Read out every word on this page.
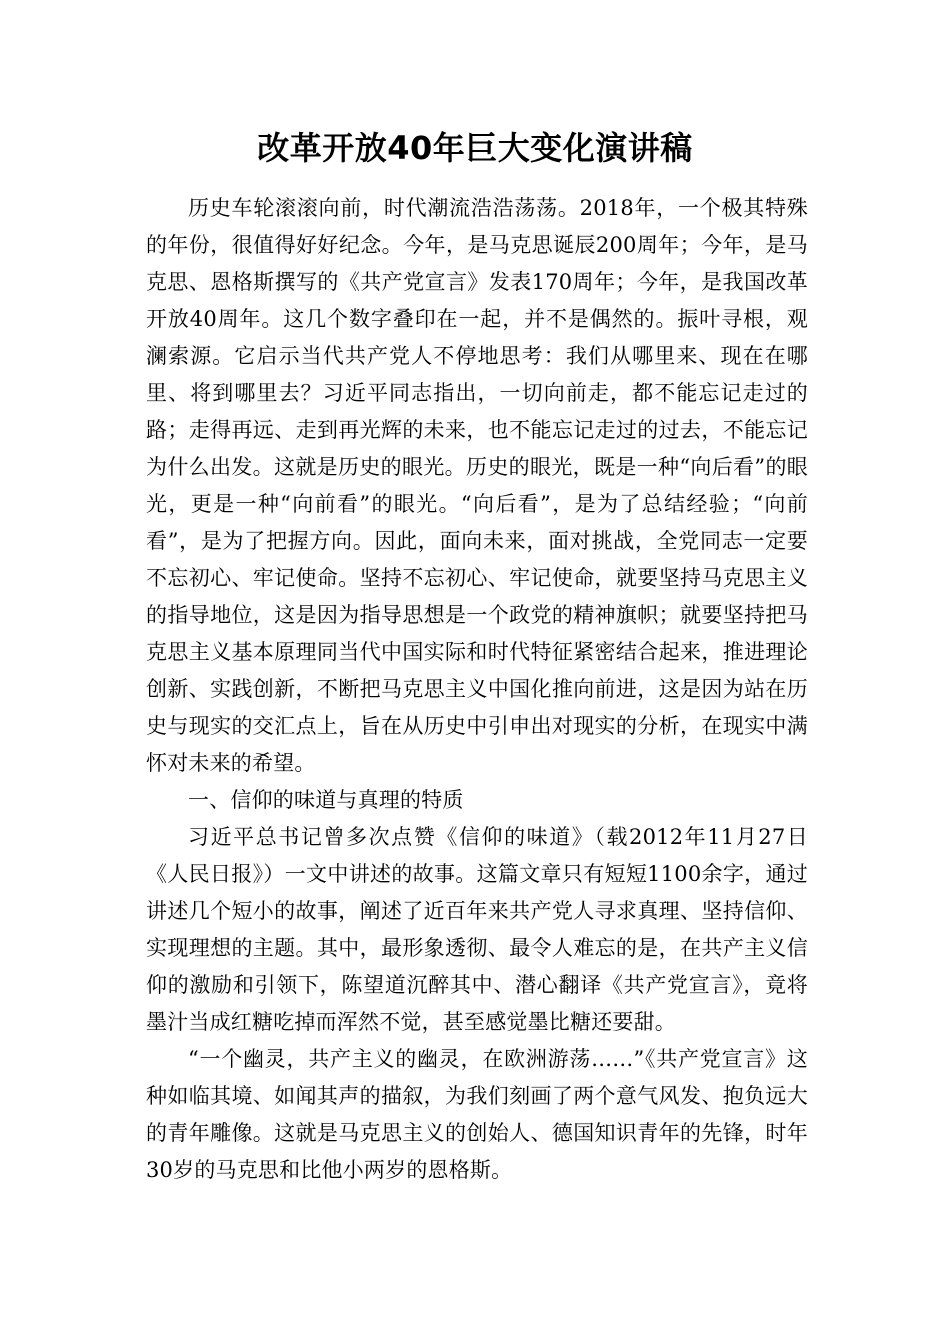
改革开放40年巨大变化演讲稿

历史车轮滚滚向前，时代潮流浩浩荡荡。2018年，一个极其特殊的年份，很值得好好纪念。今年，是马克思诞辰200周年；今年，是马克思、恩格斯撰写的《共产党宣言》发表170周年；今年，是我国改革开放40周年。这几个数字叠印在一起，并不是偶然的。振叶寻根，观澜索源。它启示当代共产党人不停地思考：我们从哪里来、现在在哪里、将到哪里去？习近平同志指出，一切向前走，都不能忘记走过的路；走得再远、走到再光辉的未来，也不能忘记走过的过去，不能忘记为什么出发。这就是历史的眼光。历史的眼光，既是一种“向后看”的眼光，更是一种“向前看”的眼光。“向后看”，是为了总结经验；“向前看”，是为了把握方向。因此，面向未来，面对挑战，全党同志一定要不忘初心、牢记使命。坚持不忘初心、牢记使命，就要坚持马克思主义的指导地位，这是因为指导思想是一个政党的精神旗帜；就要坚持把马克思主义基本原理同当代中国实际和时代特征紧密结合起来，推进理论创新、实践创新，不断把马克思主义中国化推向前进，这是因为站在历史与现实的交汇点上，旨在从历史中引申出对现实的分析，在现实中满怀对未来的希望。

一、信仰的味道与真理的特质

习近平总书记曾多次点赞《信仰的味道》（载2012年11月27日《人民日报》）一文中讲述的故事。这篇文章只有短短1100余字，通过讲述几个短小的故事，阐述了近百年来共产党人寻求真理、坚持信仰、实现理想的主题。其中，最形象透彻、最令人难忘的是，在共产主义信仰的激励和引领下，陈望道沉醉其中、潜心翻译《共产党宣言》，竟将墨汁当成红糖吃掉而浑然不觉，甚至感觉墨比糖还要甜。

“一个幽灵，共产主义的幽灵，在欧洲游荡……”《共产党宣言》这种如临其境、如闻其声的描叙，为我们刻画了两个意气风发、抱负远大的青年雕像。这就是马克思主义的创始人、德国知识青年的先锋，时年30岁的马克思和比他小两岁的恩格斯。
